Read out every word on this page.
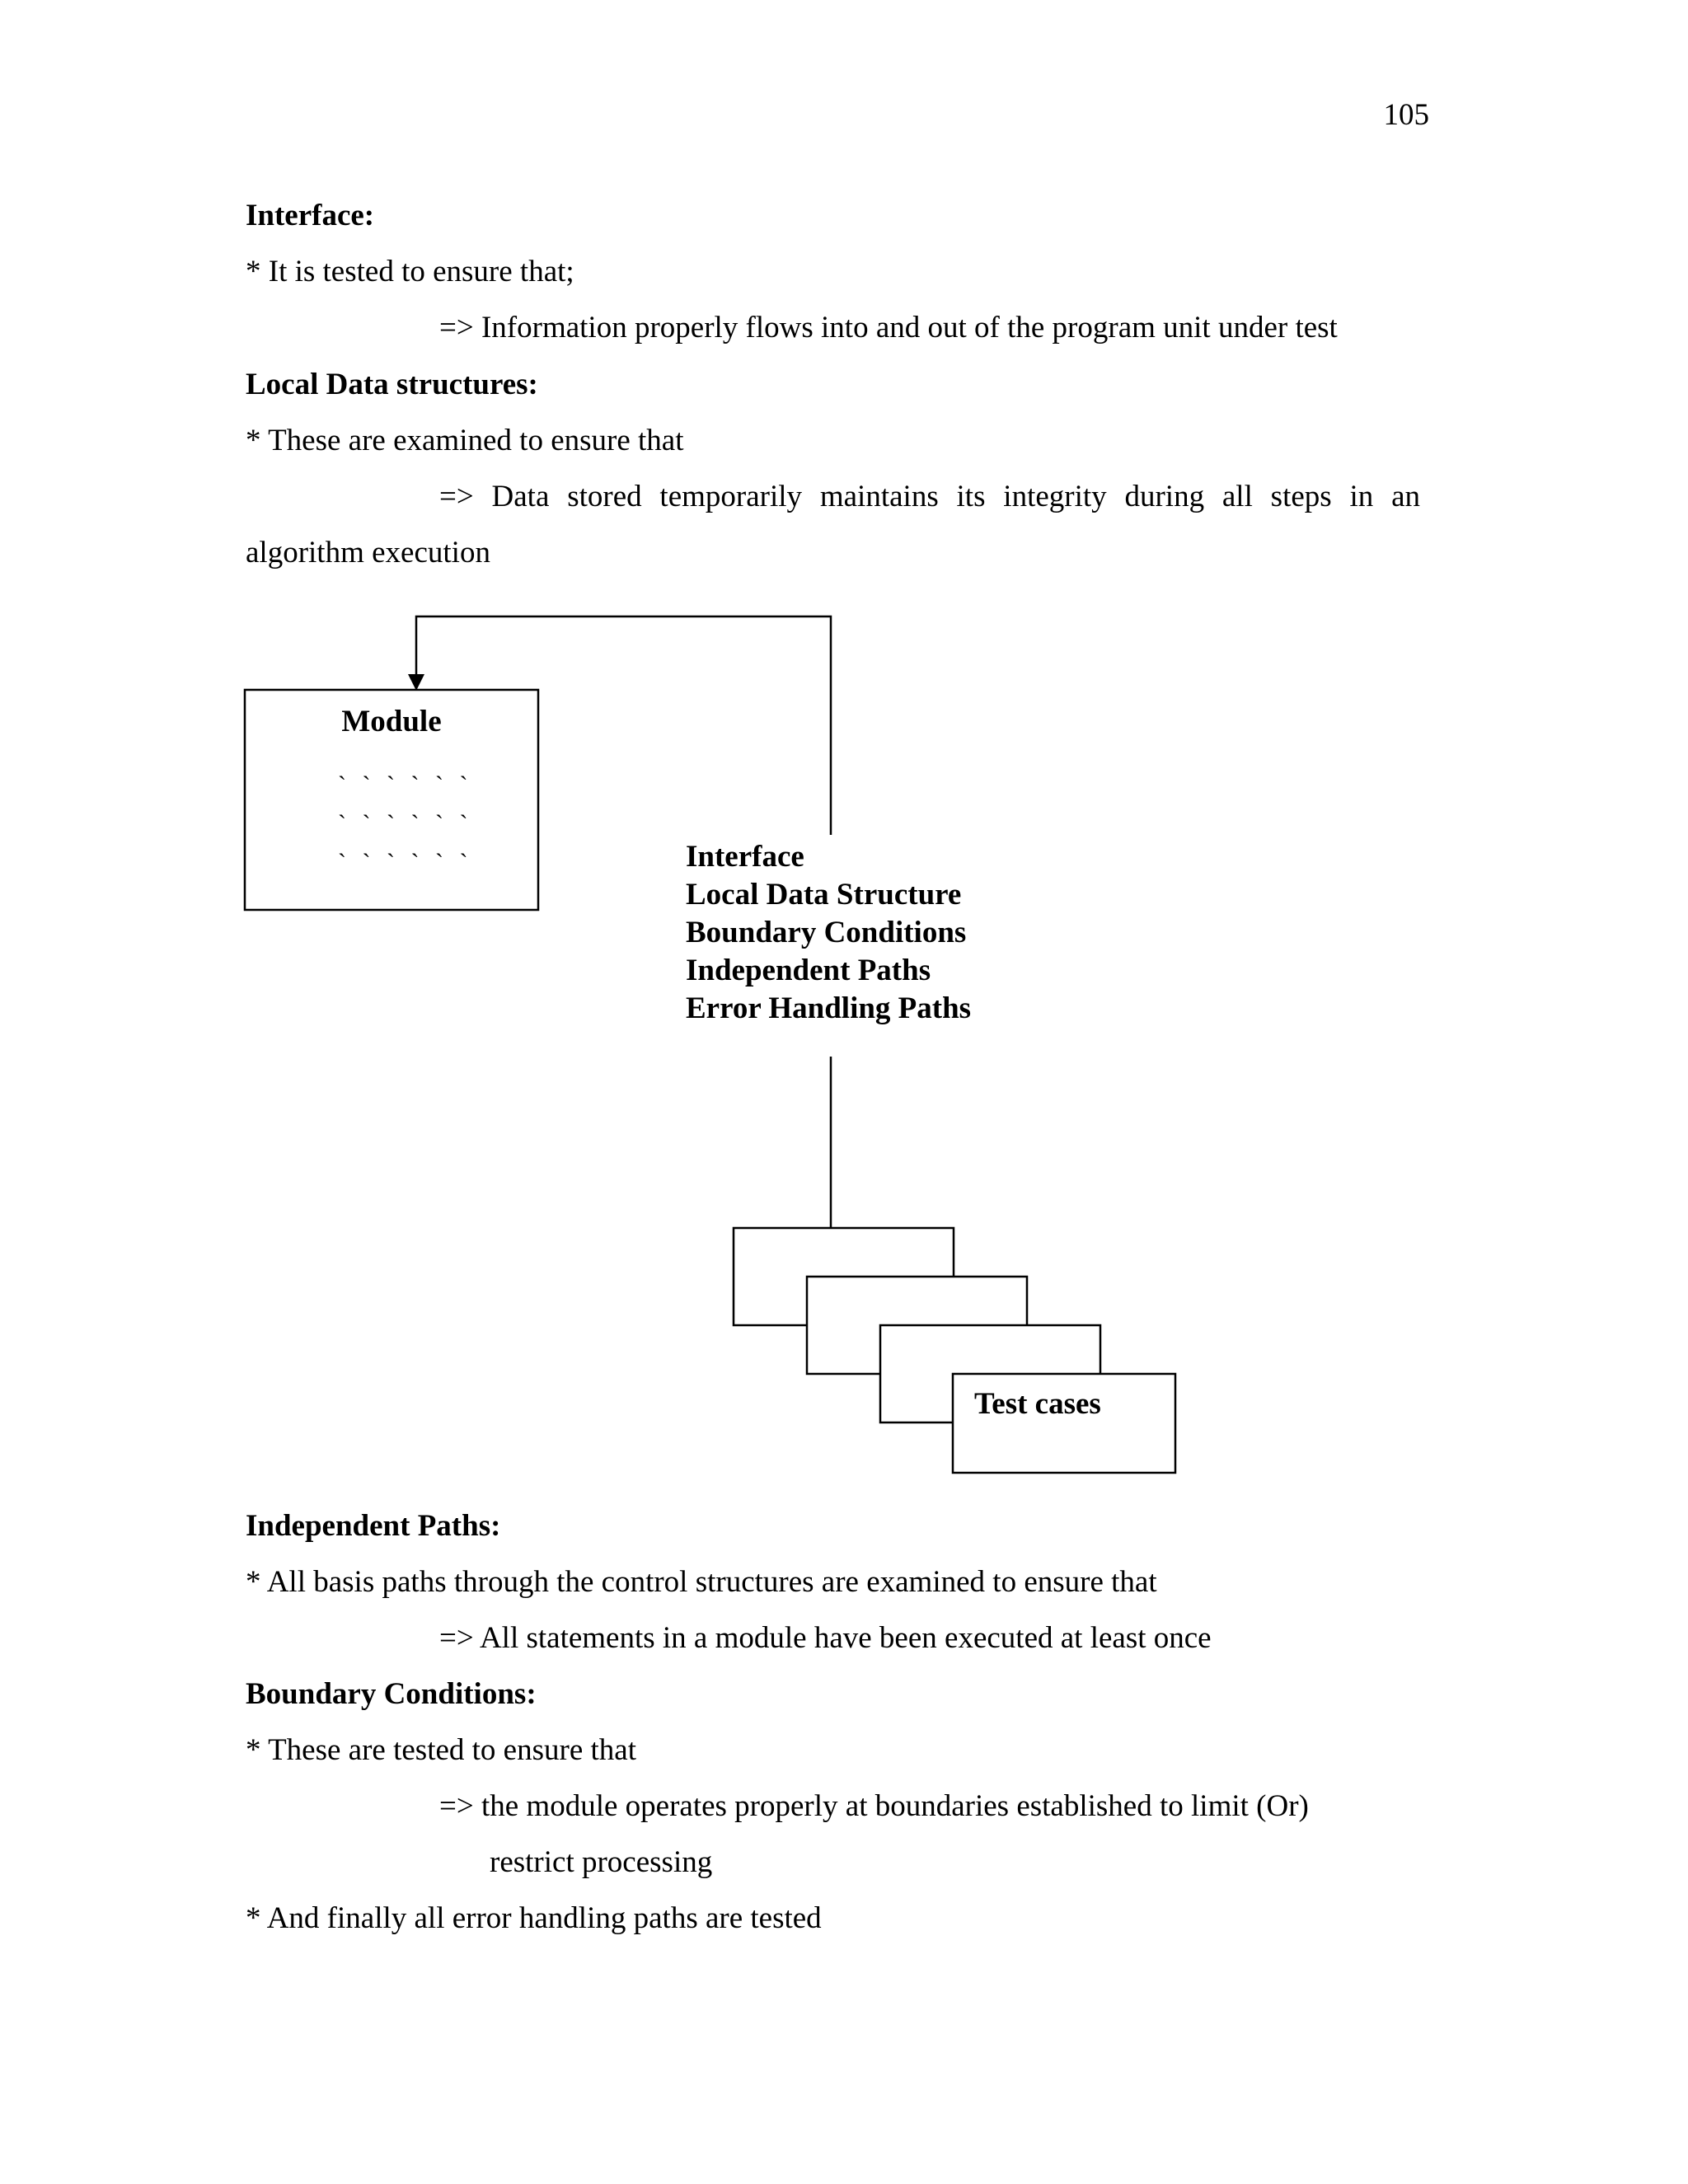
105
Interface:
* It is tested to ensure that;
=> Information properly flows into and out of the program unit under test
Local Data structures:
* These are examined to ensure that
=> Data stored temporarily maintains its integrity during all steps in an
algorithm execution
Module
` ` ` ` ` `
` ` ` ` ` `
` ` ` ` ` `	Interface
Local Data Structure
Boundary Conditions
Independent Paths
Error Handling Paths
Test cases
Independent Paths:
* All basis paths through the control structures are examined to ensure that
=> All statements in a module have been executed at least once
Boundary Conditions:
* These are tested to ensure that
=> the module operates properly at boundaries established to limit (Or)
restrict processing
* And finally all error handling paths are tested
